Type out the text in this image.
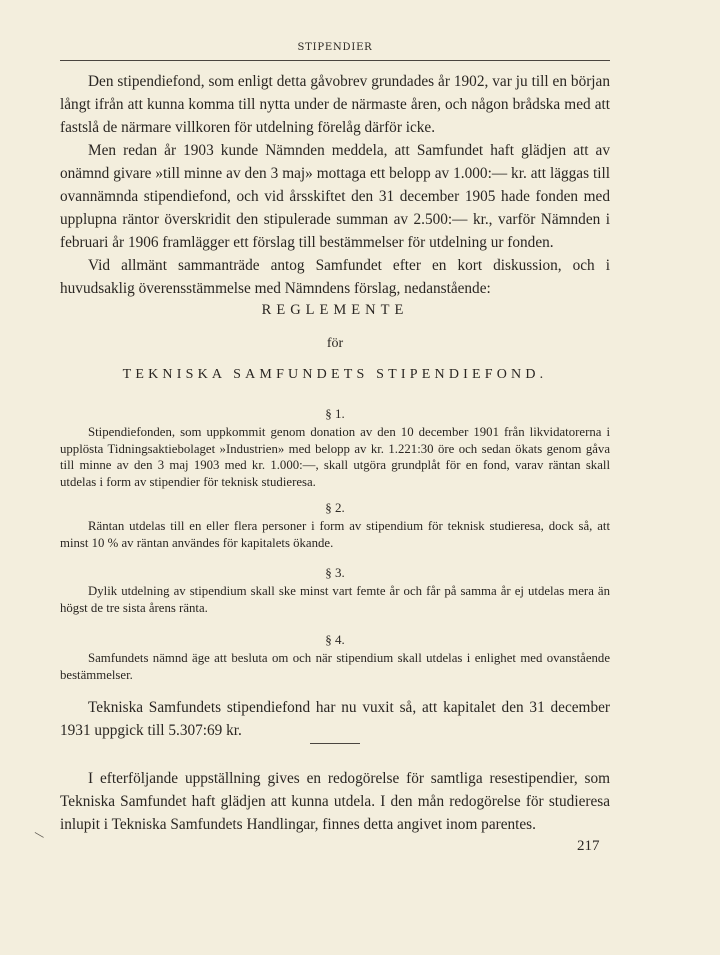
STIPENDIER

Den stipendiefond, som enligt detta gåvobrev grundades år 1902, var ju till en början långt ifrån att kunna komma till nytta under de närmaste åren, och någon brådska med att fastslå de närmare villkoren för utdelning förelåg därför icke.

Men redan år 1903 kunde Nämnden meddela, att Samfundet haft glädjen att av onämnd givare »till minne av den 3 maj» mottaga ett belopp av 1.000:— kr. att läggas till ovannämnda stipendiefond, och vid årsskiftet den 31 december 1905 hade fonden med upplupna räntor överskridit den stipulerade summan av 2.500:— kr., varför Nämnden i februari år 1906 framlägger ett förslag till bestämmelser för utdelning ur fonden.

Vid allmänt sammanträde antog Samfundet efter en kort diskussion, och i huvudsaklig överensstämmelse med Nämndens förslag, nedanstående:

REGLEMENTE
för
TEKNISKA SAMFUNDETS STIPENDIEFOND.
§ 1.

Stipendiefonden, som uppkommit genom donation av den 10 december 1901 från likvidatorerna i upplösta Tidningsaktiebolaget »Industrien» med belopp av kr. 1.221:30 öre och sedan ökats genom gåva till minne av den 3 maj 1903 med kr. 1.000:—, skall utgöra grundplåt för en fond, varav räntan skall utdelas i form av stipendier för teknisk studieresa.

§ 2.

Räntan utdelas till en eller flera personer i form av stipendium för teknisk studieresa, dock så, att minst 10 % av räntan användes för kapitalets ökande.

§ 3.

Dylik utdelning av stipendium skall ske minst vart femte år och får på samma år ej utdelas mera än högst de tre sista årens ränta.

§ 4.

Samfundets nämnd äge att besluta om och när stipendium skall utdelas i enlighet med ovanstående bestämmelser.

Tekniska Samfundets stipendiefond har nu vuxit så, att kapitalet den 31 december 1931 uppgick till 5.307:69 kr.

I efterföljande uppställning gives en redogörelse för samtliga resestipendier, som Tekniska Samfundet haft glädjen att kunna utdela. I den mån redogörelse för studieresa inlupit i Tekniska Samfundets Handlingar, finnes detta angivet inom parentes.

—
217
